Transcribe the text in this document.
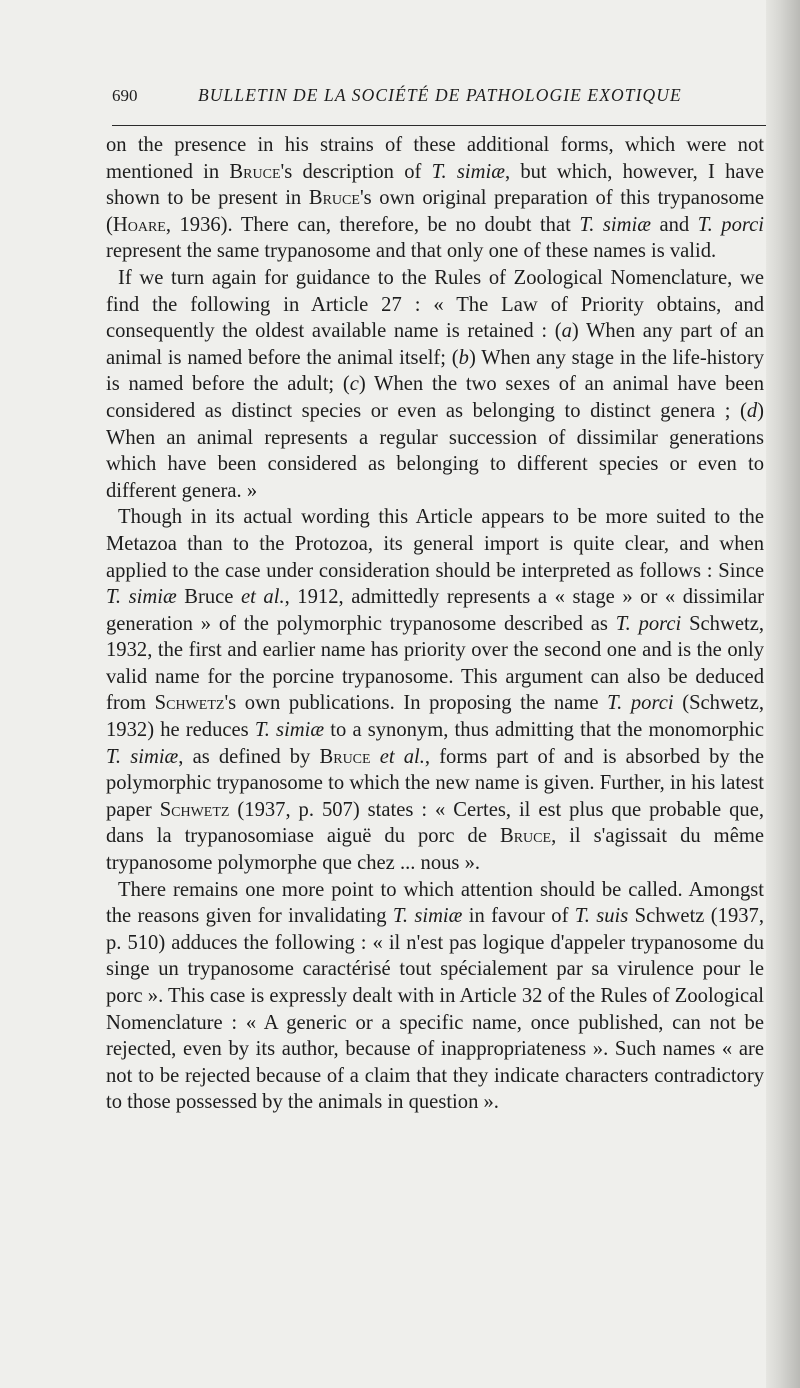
690	BULLETIN DE LA SOCIÉTÉ DE PATHOLOGIE EXOTIQUE

on the presence in his strains of these additional forms, which were not mentioned in Bruce's description of T. simiæ, but which, however, I have shown to be present in Bruce's own original preparation of this trypanosome (Hoare, 1936). There can, therefore, be no doubt that T. simiæ and T. porci represent the same trypanosome and that only one of these names is valid.

If we turn again for guidance to the Rules of Zoological Nomenclature, we find the following in Article 27 : « The Law of Priority obtains, and consequently the oldest available name is retained : (a) When any part of an animal is named before the animal itself; (b) When any stage in the life-history is named before the adult; (c) When the two sexes of an animal have been considered as distinct species or even as belonging to distinct genera ; (d) When an animal represents a regular succession of dissimilar generations which have been considered as belonging to different species or even to different genera. »

Though in its actual wording this Article appears to be more suited to the Metazoa than to the Protozoa, its general import is quite clear, and when applied to the case under consideration should be interpreted as follows : Since T. simiæ Bruce et al., 1912, admittedly represents a « stage » or « dissimilar generation » of the polymorphic trypanosome described as T. porci Schwetz, 1932, the first and earlier name has priority over the second one and is the only valid name for the porcine trypanosome. This argument can also be deduced from Schwetz's own publications. In proposing the name T. porci (Schwetz, 1932) he reduces T. simiæ to a synonym, thus admitting that the monomorphic T. simiæ, as defined by Bruce et al., forms part of and is absorbed by the polymorphic trypanosome to which the new name is given. Further, in his latest paper Schwetz (1937, p. 507) states : « Certes, il est plus que probable que, dans la trypanosomiase aiguë du porc de Bruce, il s'agissait du même trypanosome polymorphe que chez ... nous ».

There remains one more point to which attention should be called. Amongst the reasons given for invalidating T. simiæ in favour of T. suis Schwetz (1937, p. 510) adduces the following : « il n'est pas logique d'appeler trypanosome du singe un trypanosome caractérisé tout spécialement par sa virulence pour le porc ». This case is expressly dealt with in Article 32 of the Rules of Zoological Nomenclature : « A generic or a specific name, once published, can not be rejected, even by its author, because of inappropriateness ». Such names « are not to be rejected because of a claim that they indicate characters contradictory to those possessed by the animals in question ».
